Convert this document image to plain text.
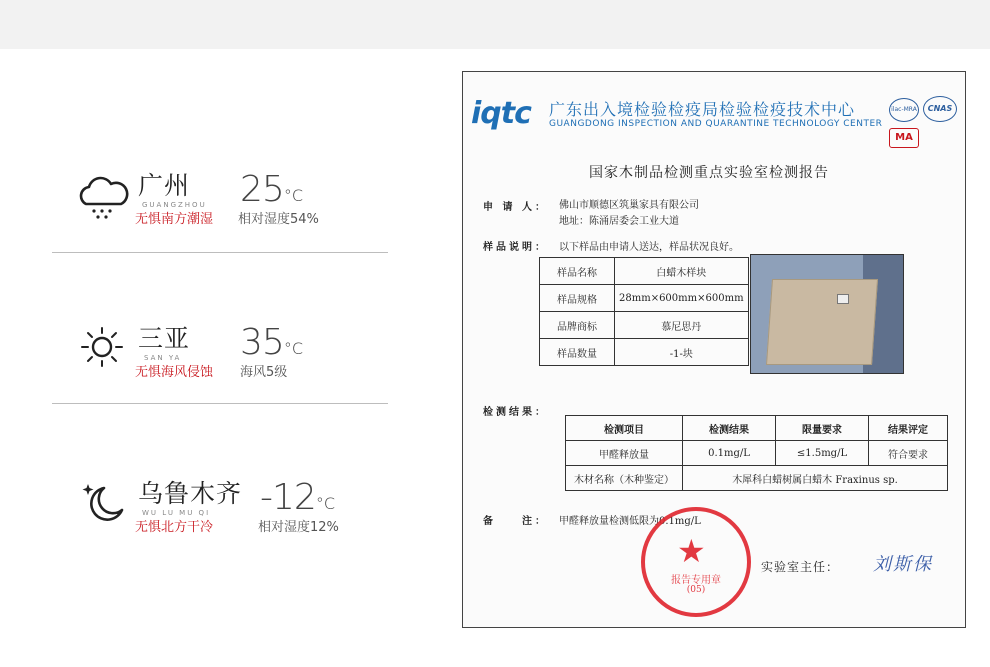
广州
GUANGZHOU
无惧南方潮湿
25°C
相对湿度54%
三亚
SAN YA
无惧海风侵蚀
35°C
海风5级
乌鲁木齐
WU LU MU QI
无惧北方干冷
-12°C
相对湿度12%
iqtc 广东出入境检验检疫局检验检疫技术中心
GUANGDONG INSPECTION AND QUARANTINE TECHNOLOGY CENTER
ilac-MRA	CNAS
MA
国家木制品检测重点实验室检测报告
申 请 人： 佛山市顺德区筑巢家具有限公司
地址：陈涌居委会工业大道
样品说明： 以下样品由申请人送达，样品状况良好。
样品名称	白蜡木样块
样品规格	28mm×600mm×600mm
品牌商标	慕尼思丹
样品数量	-1-块
检测结果：
检测项目	检测结果	限量要求	结果评定
甲醛释放量	0.1mg/L	≤1.5mg/L	符合要求
木材名称（木种鉴定）	木犀科白蜡树属白蜡木 Fraxinus sp.		
备　　注： 甲醛释放量检测低限为0.1mg/L
★
报告专用章
(05)
实验室主任： 刘斯保
